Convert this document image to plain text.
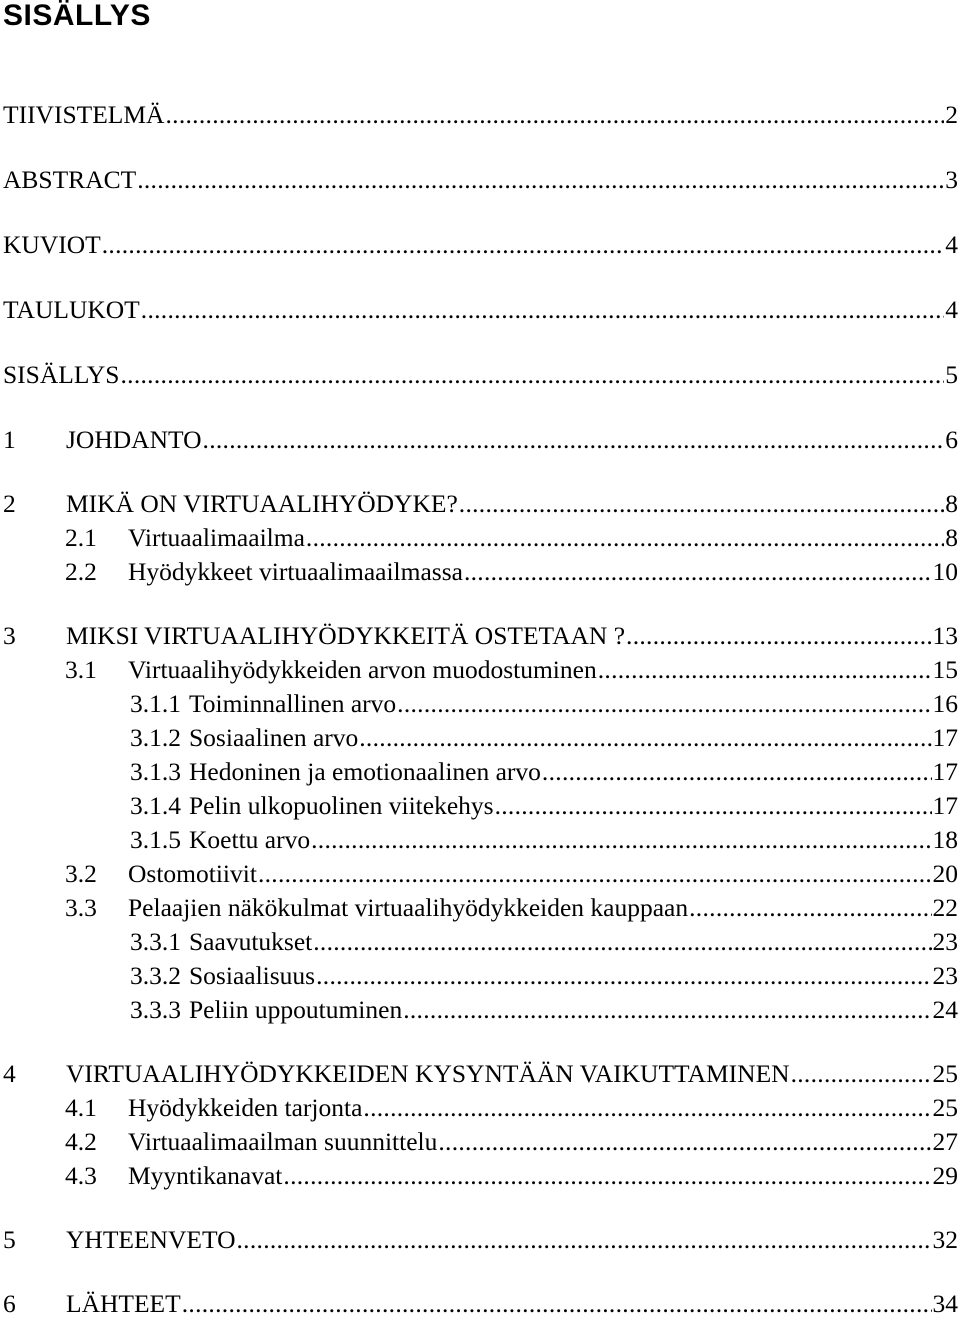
SISÄLLYS
TIIVISTELMÄ .....	2
ABSTRACT .....	3
KUVIOT .....	4
TAULUKOT .....	4
SISÄLLYS .....	5
1	JOHDANTO .....	6
2	MIKÄ ON VIRTUAALIHYÖDYKE? .....	8
2.1	Virtuaalimaailma .....	8
2.2	Hyödykkeet virtuaalimaailmassa .....	10
3	MIKSI VIRTUAALIHYÖDYKKEITÄ OSTETAAN ? .....	13
3.1	Virtuaalihyödykkeiden arvon muodostuminen .....	15
3.1.1 Toiminnallinen arvo .....	16
3.1.2 Sosiaalinen arvo .....	17
3.1.3 Hedoninen ja emotionaalinen arvo .....	17
3.1.4 Pelin ulkopuolinen viitekehys .....	17
3.1.5 Koettu arvo .....	18
3.2	Ostomotiivit .....	20
3.3	Pelaajien näkökulmat virtuaalihyödykkeiden kauppaan .....	22
3.3.1 Saavutukset .....	23
3.3.2 Sosiaalisuus .....	23
3.3.3 Peliin uppoutuminen .....	24
4	VIRTUAALIHYÖDYKKEIDEN KYSYNTÄÄN VAIKUTTAMINEN .....	25
4.1	Hyödykkeiden tarjonta .....	25
4.2	Virtuaalimaailman suunnittelu .....	27
4.3	Myyntikanavat .....	29
5	YHTEENVETO .....	32
6	LÄHTEET .....	34
